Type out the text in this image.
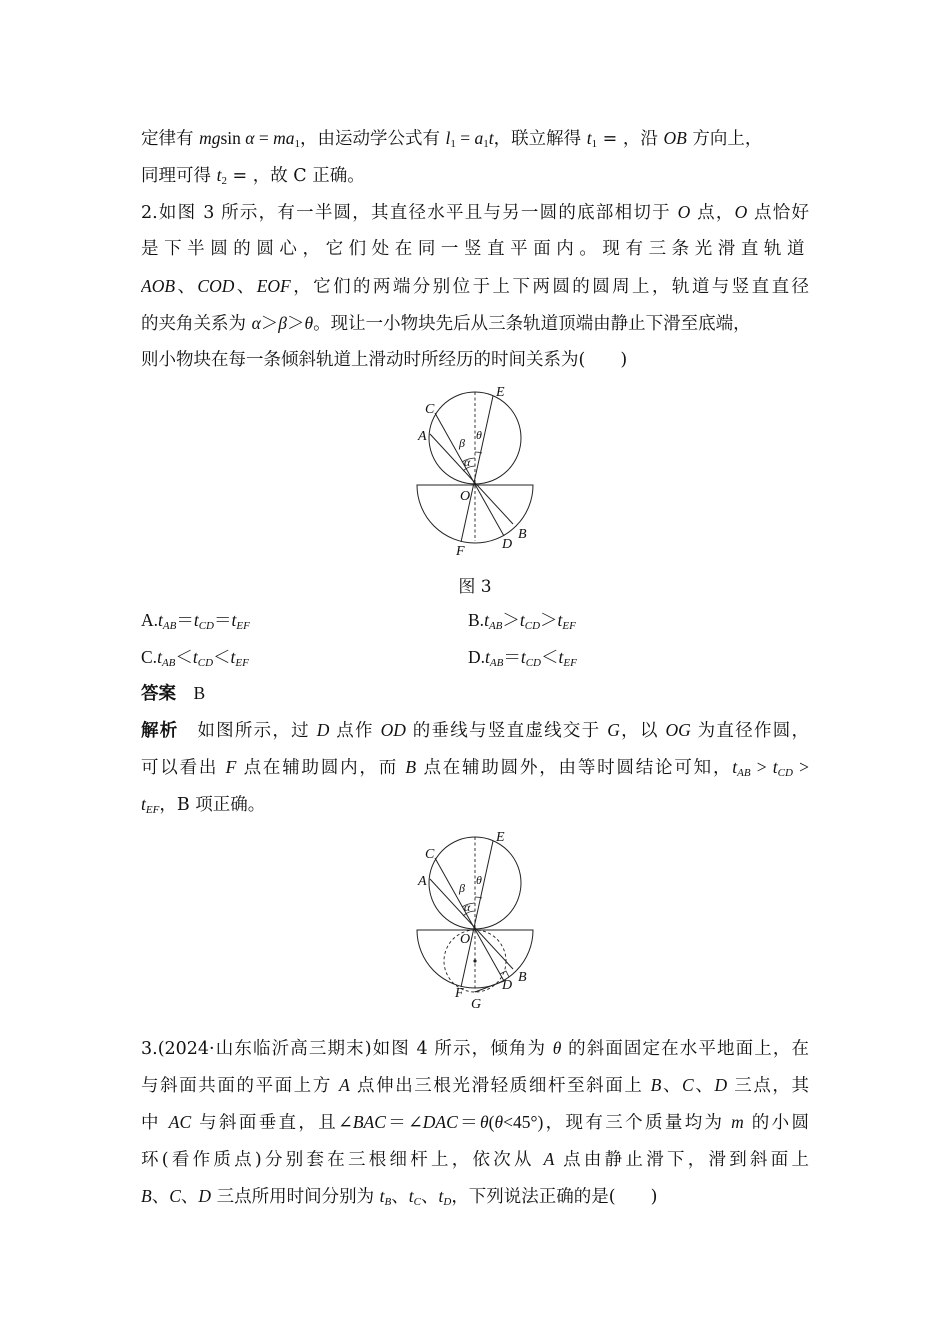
定律有 mgsin $\alpha = ma_1$，由运动学公式有 $l_1 = a_1t$，联立解得 $t_1$ = ，沿 OB 方向上，
同理可得 $t_2$ = ，故 C 正确。
2.如图 3 所示，有一半圆，其直径水平且与另一圆的底部相切于 O 点，O 点恰好
是下半圆的圆心，它们处在同一竖直平面内。现有三条光滑直轨道
AOB、COD、EOF，它们的两端分别位于上下两圆的圆周上，轨道与竖直直径
的夹角关系为 α＞β＞θ。现让一小物块先后从三条轨道顶端由静止下滑至底端，
则小物块在每一条倾斜轨道上滑动时所经历的时间关系为(　　)
E
C
A	θ
β
α
O
B
D
F
图 3
$A.t_{AB}=t_{CD}=t_{EF}$	$B.t_{AB}>t_{CD}>t_{EF}$
$C.t_{AB}<t_{CD}<t_{EF}$	$D.t_{AB}=t_{CD}<t_{EF}$
答案　 B
解析　 如图所示，过 D 点作 OD 的垂线与竖直虚线交于 G，以 OG 为直径作圆，
可以看出 F 点在辅助圆内，而 B 点在辅助圆外，由等时圆结论可知，$t_{AB} > t_{CD}$ >
$t_{EF}$，B 项正确。
E
C
A	θ
β
α
O
B
D
F
G
3.(2024·山东临沂高三期末)如图 4 所示，倾角为 θ 的斜面固定在水平地面上，在
与斜面共面的平面上方 A 点伸出三根光滑轻质细杆至斜面上 B、C、D 三点，其
中 AC 与斜面垂直，且∠BAC＝∠DAC＝θ(θ<45°)，现有三个质量均为 m 的小圆
环(看作质点)分别套在三根细杆上，依次从 A 点由静止滑下，滑到斜面上
B、C、D 三点所用时间分别为 $t_B$、$t_C$、$t_D$，下列说法正确的是(　　)
